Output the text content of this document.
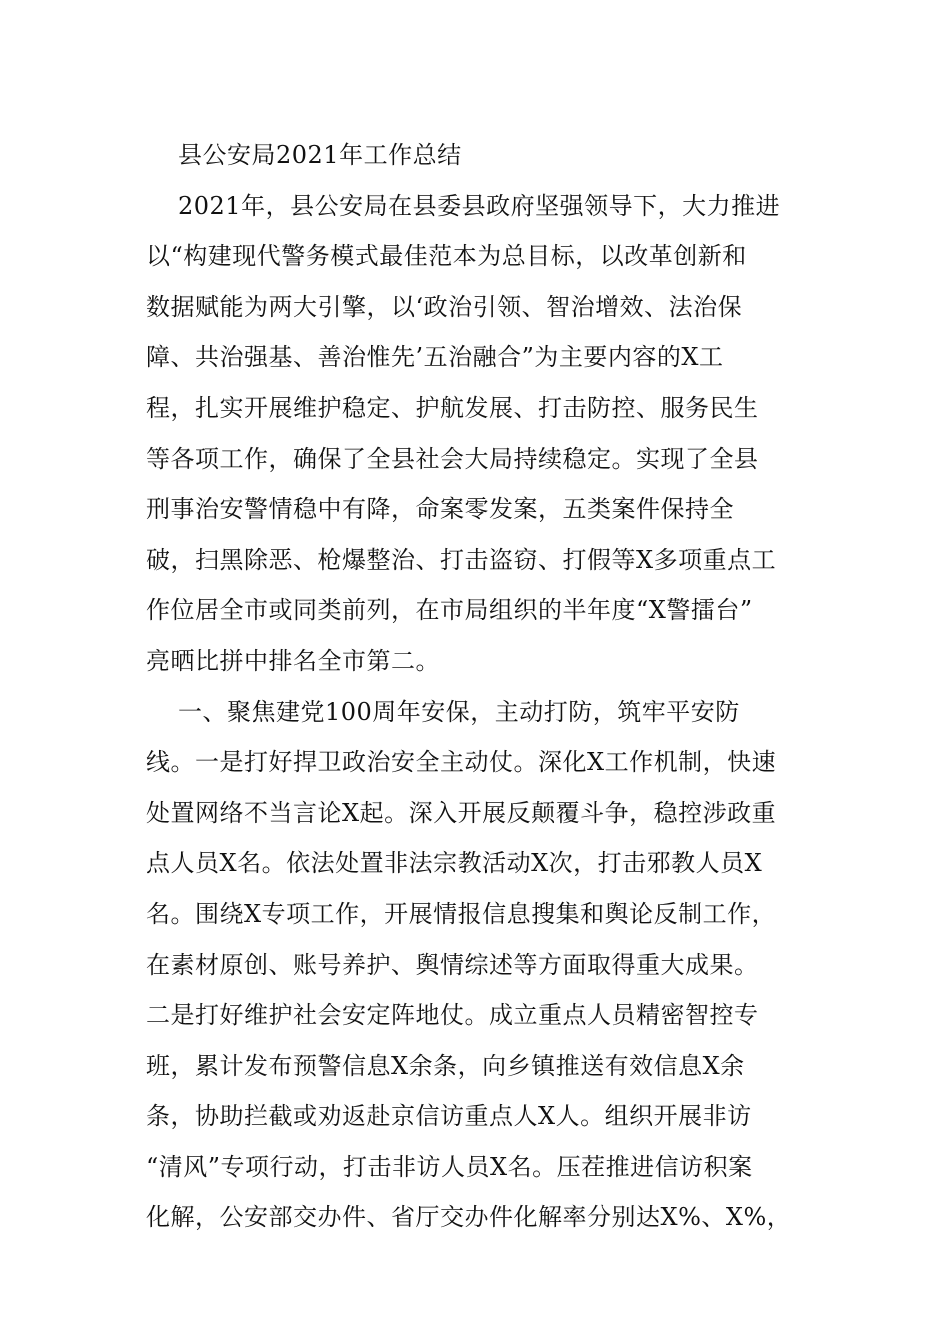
县公安局2021年工作总结
2021年，县公安局在县委县政府坚强领导下，大力推进
以“构建现代警务模式最佳范本为总目标，以改革创新和
数据赋能为两大引擎，以‘政治引领、智治增效、法治保
障、共治强基、善治惟先’五治融合”为主要内容的X工
程，扎实开展维护稳定、护航发展、打击防控、服务民生
等各项工作，确保了全县社会大局持续稳定。实现了全县
刑事治安警情稳中有降，命案零发案，五类案件保持全
破，扫黑除恶、枪爆整治、打击盗窃、打假等X多项重点工
作位居全市或同类前列，在市局组织的半年度“X警擂台”
亮晒比拼中排名全市第二。
一、聚焦建党100周年安保，主动打防，筑牢平安防
线。一是打好捍卫政治安全主动仗。深化X工作机制，快速
处置网络不当言论X起。深入开展反颠覆斗争，稳控涉政重
点人员X名。依法处置非法宗教活动X次，打击邪教人员X
名。围绕X专项工作，开展情报信息搜集和舆论反制工作，
在素材原创、账号养护、舆情综述等方面取得重大成果。
二是打好维护社会安定阵地仗。成立重点人员精密智控专
班，累计发布预警信息X余条，向乡镇推送有效信息X余
条，协助拦截或劝返赴京信访重点人X人。组织开展非访
“清风”专项行动，打击非访人员X名。压茬推进信访积案
化解，公安部交办件、省厅交办件化解率分别达X%、X%，
